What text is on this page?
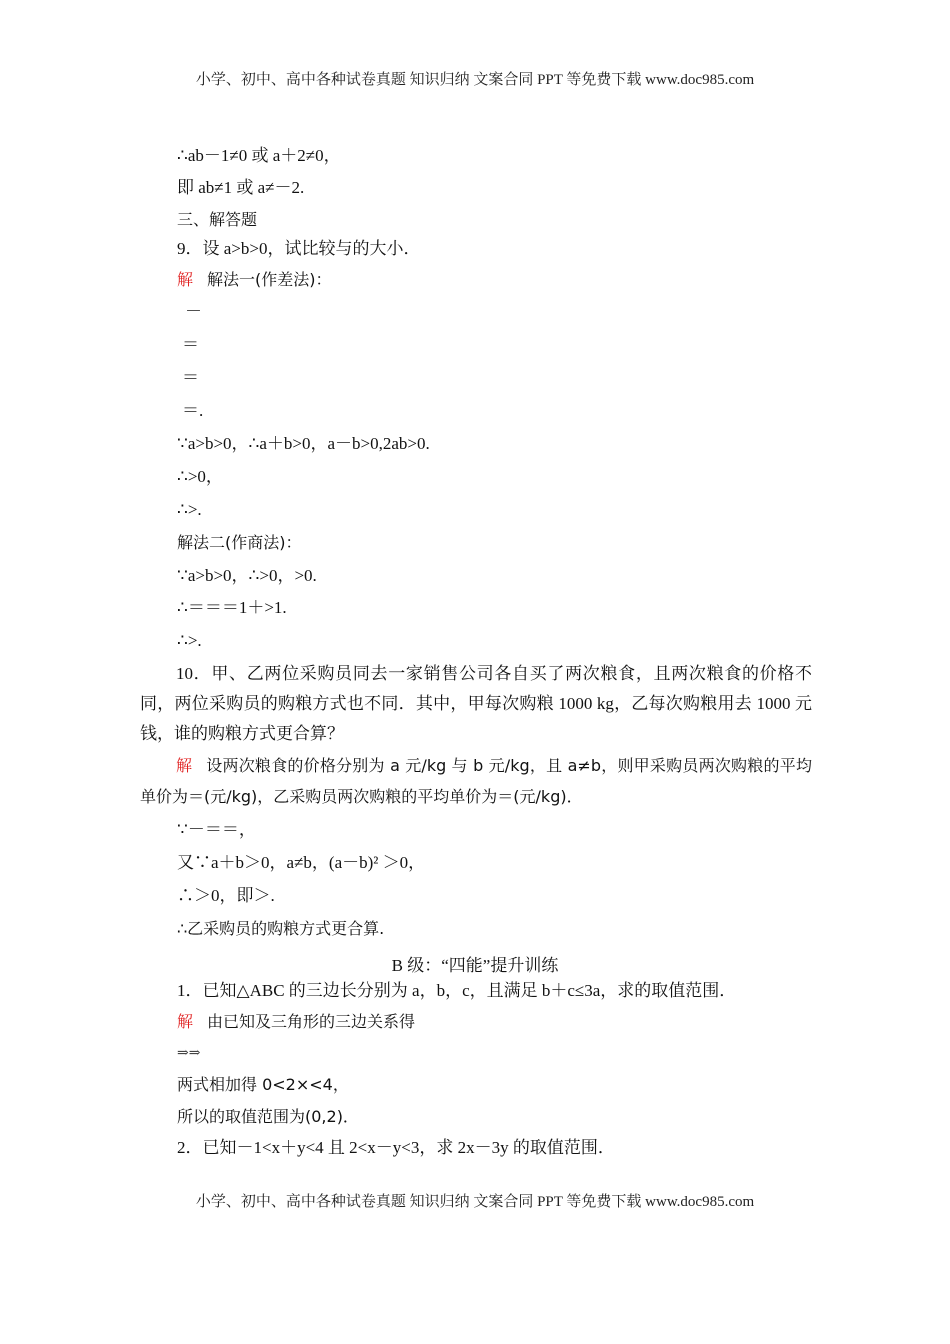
小学、初中、高中各种试卷真题 知识归纳 文案合同 PPT 等免费下载 www.doc985.com
∴ab－1≠0 或 a＋2≠0，
即 ab≠1 或 a≠－2.
三、解答题
9．设 a>b>0，试比较与的大小．
解 解法一(作差法)：
－
＝
＝
＝.
∵a>b>0，∴a＋b>0，a－b>0,2ab>0.
∴>0，
∴>.
解法二(作商法)：
∵a>b>0，∴>0，>0.
∴＝＝＝1＋>1.
∴>.
10．甲、乙两位采购员同去一家销售公司各自买了两次粮食，且两次粮食的价格不同，两位采购员的购粮方式也不同．其中，甲每次购粮 1000 kg，乙每次购粮用去 1000 元钱，谁的购粮方式更合算？
解 设两次粮食的价格分别为 a 元/kg 与 b 元/kg，且 a≠b，则甲采购员两次购粮的平均单价为＝(元/kg)，乙采购员两次购粮的平均单价为＝(元/kg)．
∵－＝＝，
又∵a＋b＞0，a≠b，(a－b)² ＞0，
∴＞0，即＞.
∴乙采购员的购粮方式更合算.
B 级：“四能”提升训练
1．已知△ABC 的三边长分别为 a，b，c，且满足 b＋c≤3a，求的取值范围．
解 由已知及三角形的三边关系得
⇒⇒
两式相加得 0<2×<4，
所以的取值范围为(0,2)．
2．已知－1<x＋y<4 且 2<x－y<3，求 2x－3y 的取值范围．
小学、初中、高中各种试卷真题 知识归纳 文案合同 PPT 等免费下载 www.doc985.com
